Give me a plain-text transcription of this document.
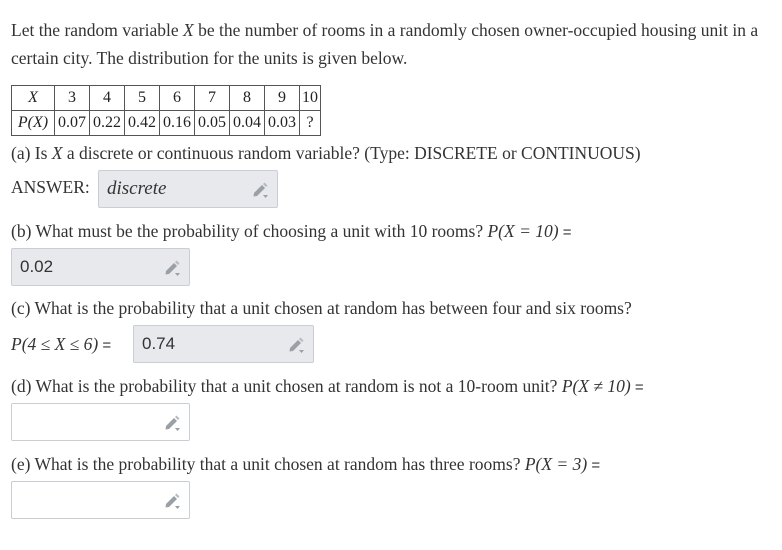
Let the random variable X be the number of rooms in a randomly chosen owner-occupied housing unit in a certain city. The distribution for the units is given below.
X	3	4	5	6	7	8	9	10
P(X)	0.07	0.22	0.42	0.16	0.05	0.04	0.03	?
(a) Is X a discrete or continuous random variable? (Type: DISCRETE or CONTINUOUS)
ANSWER: discrete
(b) What must be the probability of choosing a unit with 10 rooms? P(X = 10) =
0.02
(c) What is the probability that a unit chosen at random has between four and six rooms?
P(4 ≤ X ≤ 6) = 0.74
(d) What is the probability that a unit chosen at random is not a 10-room unit? P(X ≠ 10) =
(e) What is the probability that a unit chosen at random has three rooms? P(X = 3) =
